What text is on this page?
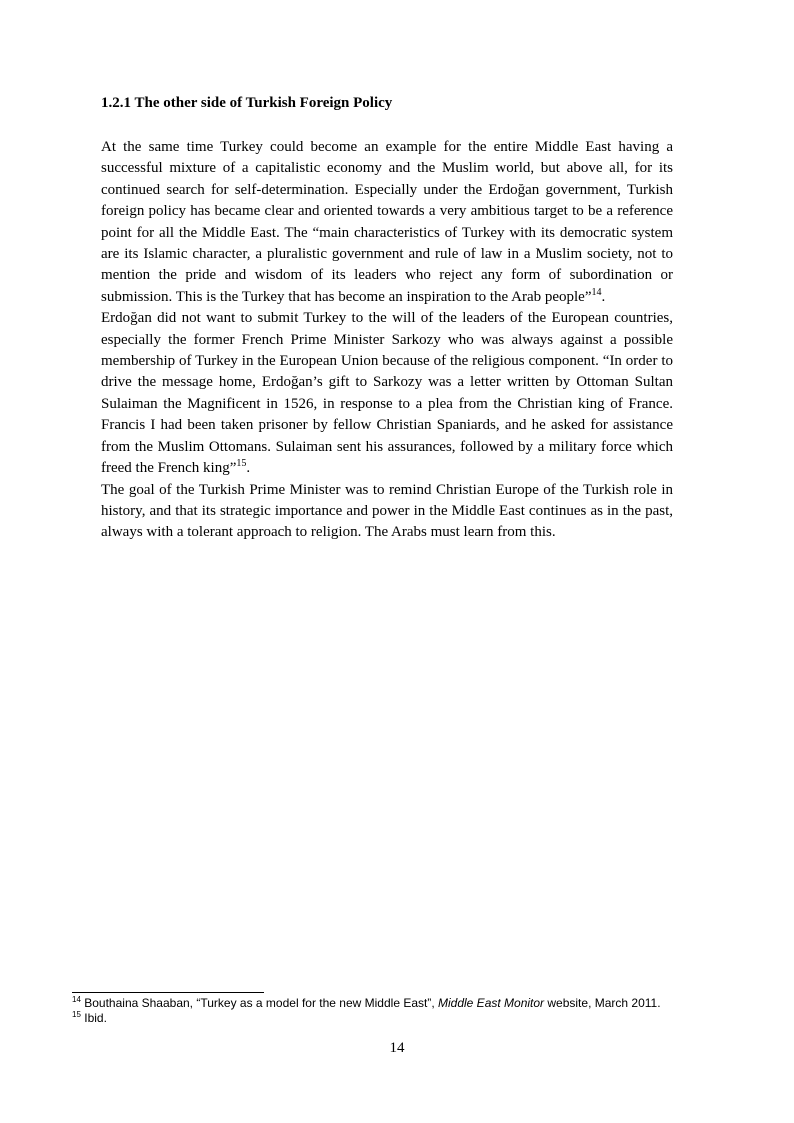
1.2.1 The other side of Turkish Foreign Policy

At the same time Turkey could become an example for the entire Middle East having a successful mixture of a capitalistic economy and the Muslim world, but above all, for its continued search for self-determination. Especially under the Erdoğan government, Turkish foreign policy has became clear and oriented towards a very ambitious target to be a reference point for all the Middle East. The “main characteristics of Turkey with its democratic system are its Islamic character, a pluralistic government and rule of law in a Muslim society, not to mention the pride and wisdom of its leaders who reject any form of subordination or submission. This is the Turkey that has become an inspiration to the Arab people”$^{14}$.

Erdoğan did not want to submit Turkey to the will of the leaders of the European countries, especially the former French Prime Minister Sarkozy who was always against a possible membership of Turkey in the European Union because of the religious component. “In order to drive the message home, Erdoğan’s gift to Sarkozy was a letter written by Ottoman Sultan Sulaiman the Magnificent in 1526, in response to a plea from the Christian king of France. Francis I had been taken prisoner by fellow Christian Spaniards, and he asked for assistance from the Muslim Ottomans. Sulaiman sent his assurances, followed by a military force which freed the French king”$^{15}$.

The goal of the Turkish Prime Minister was to remind Christian Europe of the Turkish role in history, and that its strategic importance and power in the Middle East continues as in the past, always with a tolerant approach to religion. The Arabs must learn from this.

$^{14}$ Bouthaina Shaaban, “Turkey as a model for the new Middle East”, Middle East Monitor website, March 2011.

$^{15}$ Ibid.

14
